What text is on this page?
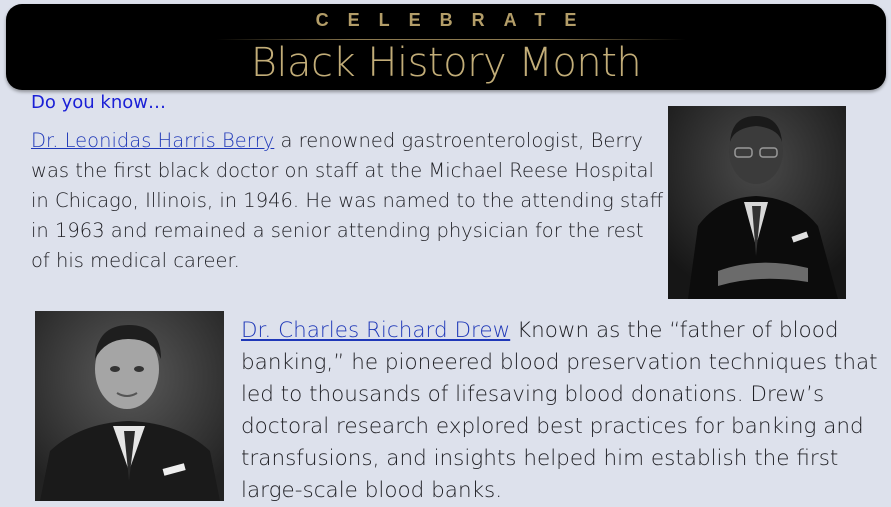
CELEBRATE
Black History Month
Do you know…
Dr. Leonidas Harris Berry a renowned gastroenterologist, Berry was the first black doctor on staff at the Michael Reese Hospital in Chicago, Illinois, in 1946. He was named to the attending staff in 1963 and remained a senior attending physician for the rest of his medical career.
Dr. Charles Richard Drew Known as the “father of blood banking,” he pioneered blood preservation techniques that led to thousands of lifesaving blood donations. Drew’s doctoral research explored best practices for banking and transfusions, and insights helped him establish the first large-scale blood banks.
